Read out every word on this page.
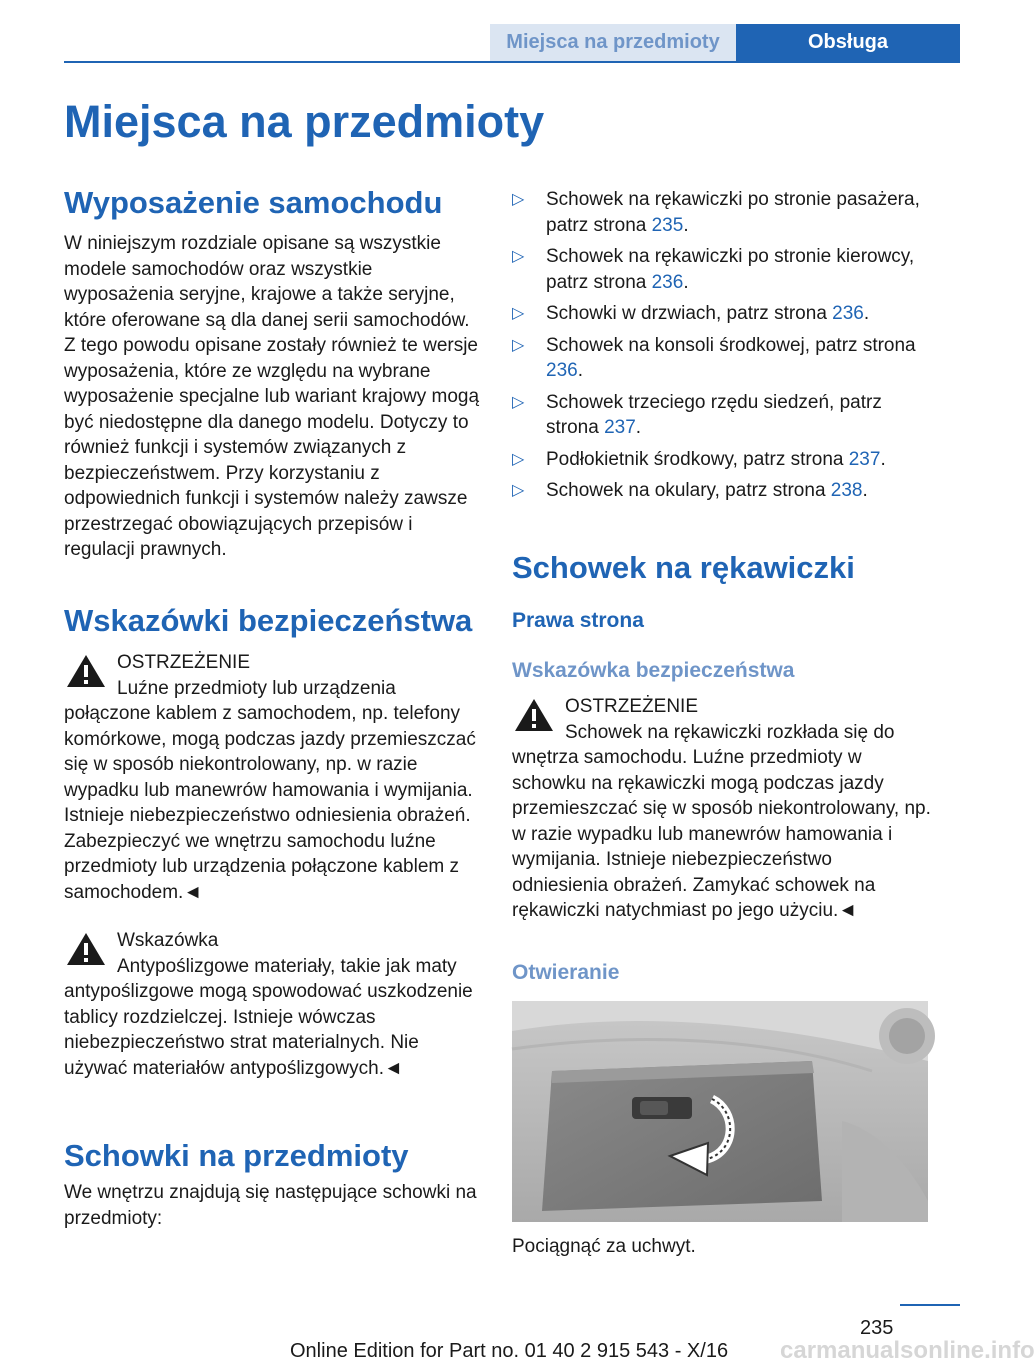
Miejsca na przedmioty	Obsługa
Miejsca na przedmioty
Wyposażenie samochodu

W niniejszym rozdziale opisane są wszystkie modele samochodów oraz wszystkie wyposażenia seryjne, krajowe a także seryjne, które oferowane są dla danej serii samochodów. Z tego powodu opisane zostały również te wersje wyposażenia, które ze względu na wybrane wyposażenie specjalne lub wariant krajowy mogą być niedostępne dla danego modelu. Dotyczy to również funkcji i systemów związanych z bezpieczeństwem. Przy korzystaniu z odpowiednich funkcji i systemów należy zawsze przestrzegać obowiązujących przepisów i regulacji prawnych.

Wskazówki bezpieczeństwa
OSTRZEŻENIE
Luźne przedmioty lub urządzenia połączone kablem z samochodem, np. telefony komórkowe, mogą podczas jazdy przemieszczać się w sposób niekontrolowany, np. w razie wypadku lub manewrów hamowania i wymijania. Istnieje niebezpieczeństwo odniesienia obrażeń. Zabezpieczyć we wnętrzu samochodu luźne przedmioty lub urządzenia połączone kablem z samochodem.◄
Wskazówka
Antypoślizgowe materiały, takie jak maty antypoślizgowe mogą spowodować uszkodzenie tablicy rozdzielczej. Istnieje wówczas niebezpieczeństwo strat materialnych. Nie używać materiałów antypoślizgowych.◄
Schowki na przedmioty

We wnętrzu znajdują się następujące schowki na przedmioty:

▷ Schowek na rękawiczki po stronie pasażera, patrz strona 235.
▷ Schowek na rękawiczki po stronie kierowcy, patrz strona 236.
▷ Schowki w drzwiach, patrz strona 236.
▷ Schowek na konsoli środkowej, patrz strona 236.
▷ Schowek trzeciego rzędu siedzeń, patrz strona 237.
▷ Podłokietnik środkowy, patrz strona 237.
▷ Schowek na okulary, patrz strona 238.
Schowek na rękawiczki
Prawa strona
Wskazówka bezpieczeństwa
OSTRZEŻENIE
Schowek na rękawiczki rozkłada się do wnętrza samochodu. Luźne przedmioty w schowku na rękawiczki mogą podczas jazdy przemieszczać się w sposób niekontrolowany, np. w razie wypadku lub manewrów hamowania i wymijania. Istnieje niebezpieczeństwo odniesienia obrażeń. Zamykać schowek na rękawiczki natychmiast po jego użyciu.◄
Otwieranie

Pociągnąć za uchwyt.

235
Online Edition for Part no. 01 40 2 915 543 - X/16 carmanualsonline.info
